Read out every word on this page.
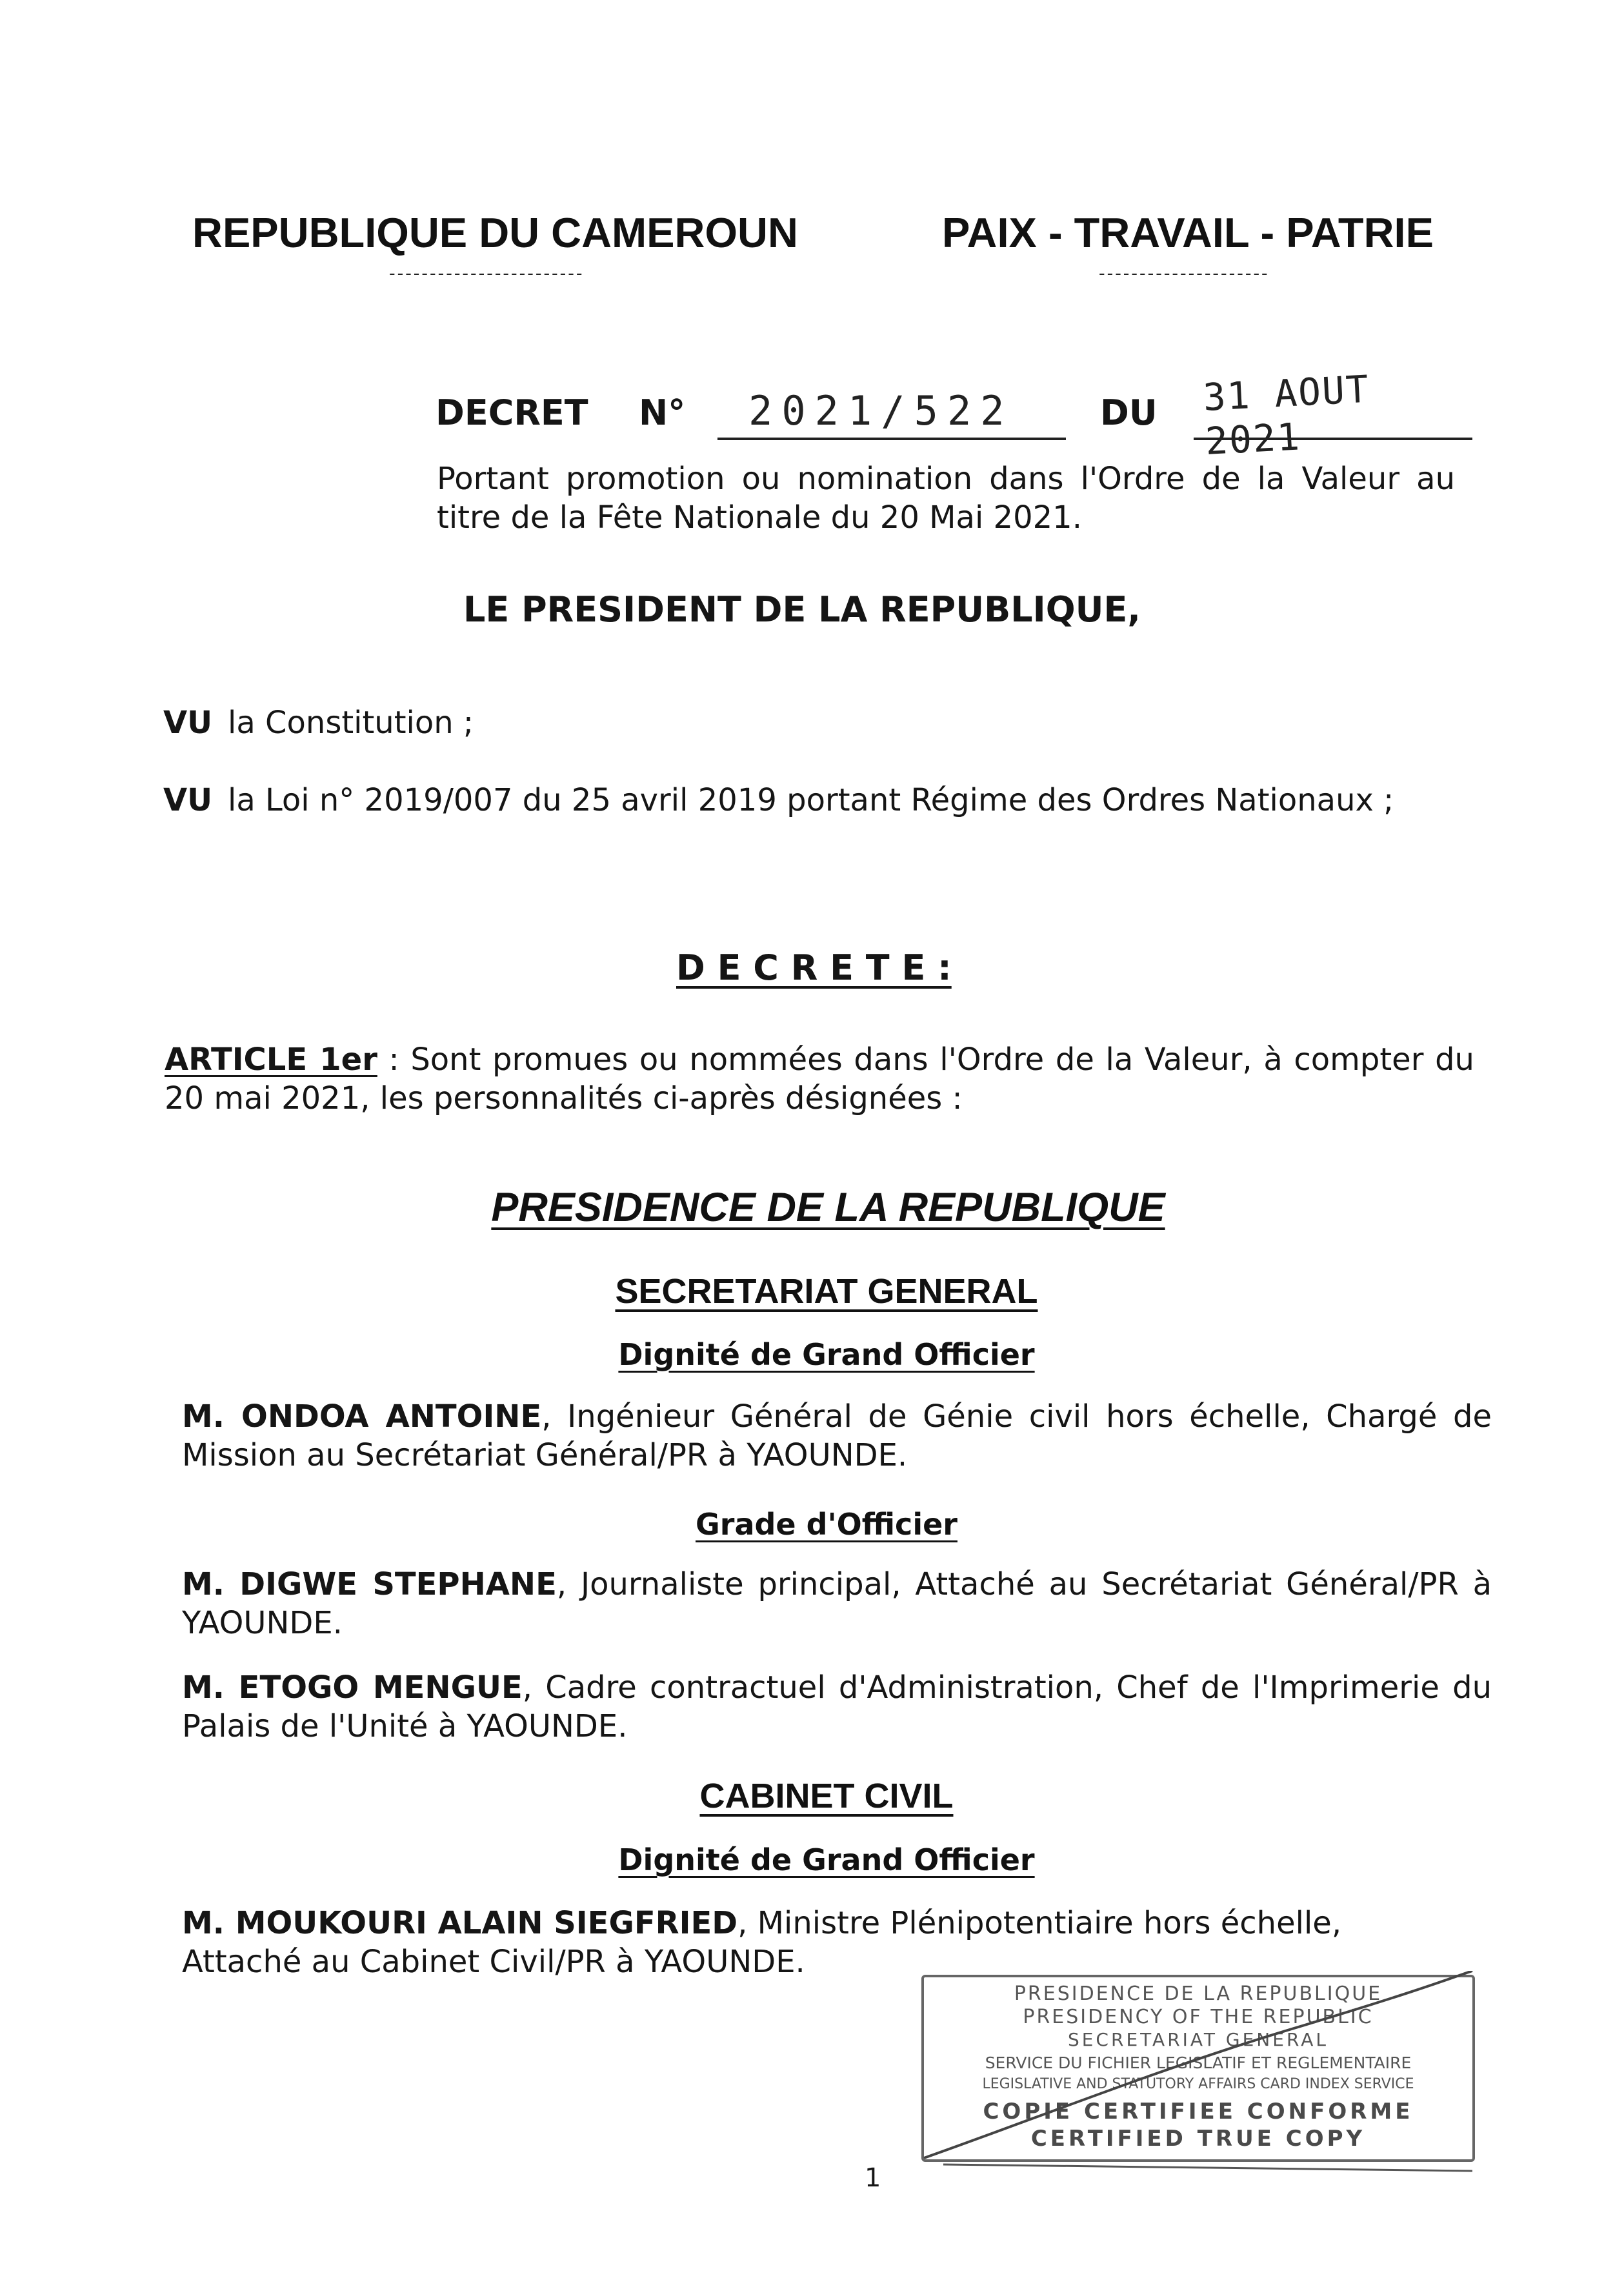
REPUBLIQUE DU CAMEROUN
------------------------
PAIX - TRAVAIL - PATRIE
---------------------
DECRET N° 2021/522 DU 31 AOUT 2021
Portant promotion ou nomination dans l'Ordre de la Valeur au titre de la Fête Nationale du 20 Mai 2021.
LE PRESIDENT DE LA REPUBLIQUE,
VU la Constitution ;
VU la Loi n° 2019/007 du 25 avril 2019 portant Régime des Ordres Nationaux ;
D E C R E T E :
ARTICLE 1er : Sont promues ou nommées dans l'Ordre de la Valeur, à compter du 20 mai 2021, les personnalités ci-après désignées :
PRESIDENCE DE LA REPUBLIQUE
SECRETARIAT GENERAL
Dignité de Grand Officier
M. ONDOA ANTOINE, Ingénieur Général de Génie civil hors échelle, Chargé de Mission au Secrétariat Général/PR à YAOUNDE.
Grade d'Officier
M. DIGWE STEPHANE, Journaliste principal, Attaché au Secrétariat Général/PR à YAOUNDE.
M. ETOGO MENGUE, Cadre contractuel d'Administration, Chef de l'Imprimerie du Palais de l'Unité à YAOUNDE.
CABINET CIVIL
Dignité de Grand Officier
M. MOUKOURI ALAIN SIEGFRIED, Ministre Plénipotentiaire hors échelle, Attaché au Cabinet Civil/PR à YAOUNDE.
PRESIDENCE DE LA REPUBLIQUE
PRESIDENCY OF THE REPUBLIC
SECRETARIAT GENERAL
SERVICE DU FICHIER LEGISLATIF ET REGLEMENTAIRE
LEGISLATIVE AND STATUTORY AFFAIRS CARD INDEX SERVICE
COPIE CERTIFIEE CONFORME
CERTIFIED TRUE COPY
1
